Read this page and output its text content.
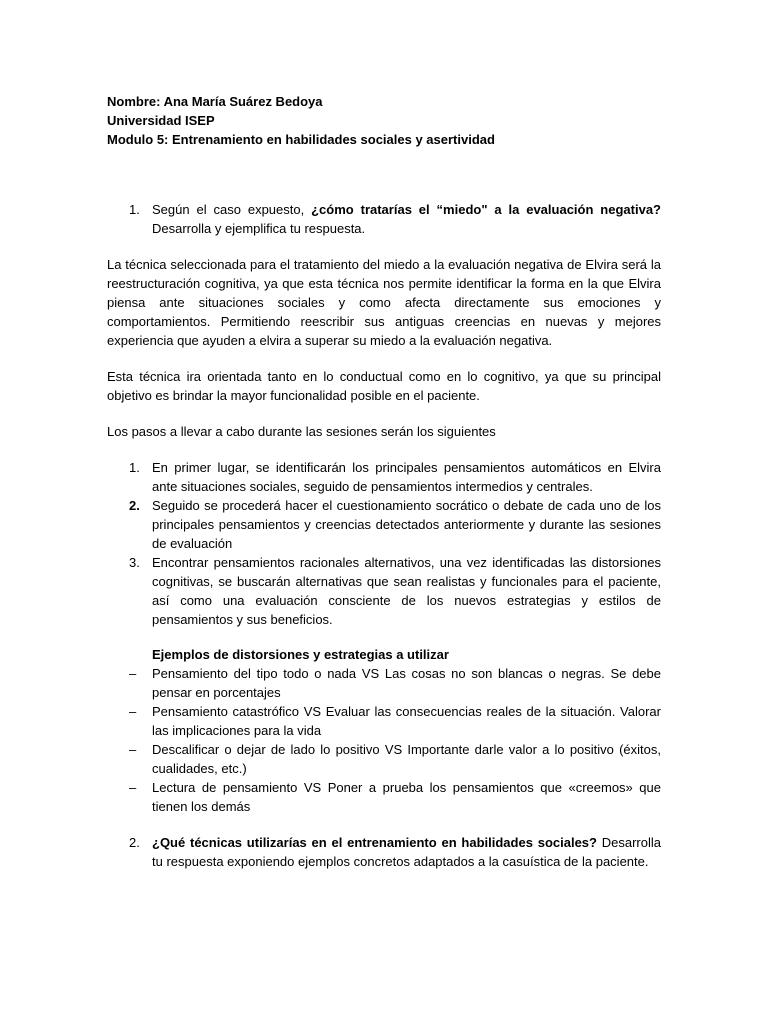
Nombre: Ana María Suárez Bedoya
Universidad ISEP
Modulo 5: Entrenamiento en habilidades sociales y asertividad
1. Según el caso expuesto, ¿cómo tratarías el “miedo" a la evaluación negativa? Desarrolla y ejemplifica tu respuesta.
La técnica seleccionada para el tratamiento del miedo a la evaluación negativa de Elvira será la reestructuración cognitiva, ya que esta técnica nos permite identificar la forma en la que Elvira piensa ante situaciones sociales y como afecta directamente sus emociones y comportamientos. Permitiendo reescribir sus antiguas creencias en nuevas y mejores experiencia que ayuden a elvira a superar su miedo a la evaluación negativa.
Esta técnica ira orientada tanto en lo conductual como en lo cognitivo, ya que su principal objetivo es brindar la mayor funcionalidad posible en el paciente.
Los pasos a llevar a cabo durante las sesiones serán los siguientes
1. En primer lugar, se identificarán los principales pensamientos automáticos en Elvira ante situaciones sociales, seguido de pensamientos intermedios y centrales.
2. Seguido se procederá hacer el cuestionamiento socrático o debate de cada uno de los principales pensamientos y creencias detectados anteriormente y durante las sesiones de evaluación
3. Encontrar pensamientos racionales alternativos, una vez identificadas las distorsiones cognitivas, se buscarán alternativas que sean realistas y funcionales para el paciente, así como una evaluación consciente de los nuevos estrategias y estilos de pensamientos y sus beneficios.
Ejemplos de distorsiones y estrategias a utilizar
– Pensamiento del tipo todo o nada VS Las cosas no son blancas o negras. Se debe pensar en porcentajes
– Pensamiento catastrófico VS Evaluar las consecuencias reales de la situación. Valorar las implicaciones para la vida
– Descalificar o dejar de lado lo positivo VS Importante darle valor a lo positivo (éxitos, cualidades, etc.)
– Lectura de pensamiento VS Poner a prueba los pensamientos que «creemos» que tienen los demás
2. ¿Qué técnicas utilizarías en el entrenamiento en habilidades sociales? Desarrolla tu respuesta exponiendo ejemplos concretos adaptados a la casuística de la paciente.
